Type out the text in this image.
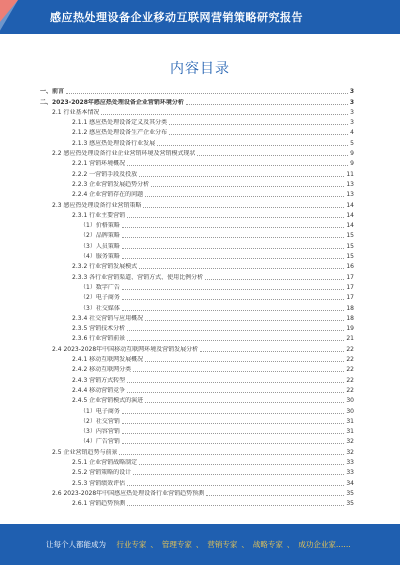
感应热处理设备企业移动互联网营销策略研究报告
内容目录
一、前言	3
二、2023-2028年感应热处理设备企业营销环境分析	3
2.1 行业基本情况	3
2.1.1 感应热处理设备定义及其分类	3
2.1.2 感应热处理设备生产企业分布	4
2.1.3 感应热处理设备行业发展	5
2.2 感应热处理设备行业企业营销环境及营销模式现状	9
2.2.1 营销环境概况	9
2.2.2 一营销手段及投放	11
2.2.3 企业营销发展趋势分析	13
2.2.4 企业营销存在的问题	13
2.3 感应热处理设备行业营销策略	14
2.3.1 行业主要营销	14
（1）价格策略	14
（2）品牌策略	15
（3）人员策略	15
（4）服务策略	15
2.3.2 行业营销发展模式	16
2.3.3 各行业营销渠道、营销方式、使用比例分析	17
（1）数字广告	17
（2）电子商务	17
（3）社交媒体	18
2.3.4 社交营销与应用概况	18
2.3.5 营销技术分析	19
2.3.6 行业营销前景	21
2.4 2023-2028年中国移动互联网环境及营销发展分析	22
2.4.1 移动互联网发展概况	22
2.4.2 移动互联网分类	22
2.4.3 营销方式转型	22
2.4.4 移动营销竞争	22
2.4.5 企业营销模式的演进	30
（1）电子商务	30
（2）社交营销	31
（3）内容营销	31
（4）广告营销	32
2.5 企业营销趋势与前景	32
2.5.1 企业营销战略制定	33
2.5.2 营销策略的设计	33
2.5.3 营销绩效评估	34
2.6 2023-2028年中国感应热处理设备行业营销趋势预测	35
2.6.1 营销趋势预测	35
让每个人都能成为 行业专家 、 管理专家 、 营销专家 、 战略专家 、 成功企业家……
